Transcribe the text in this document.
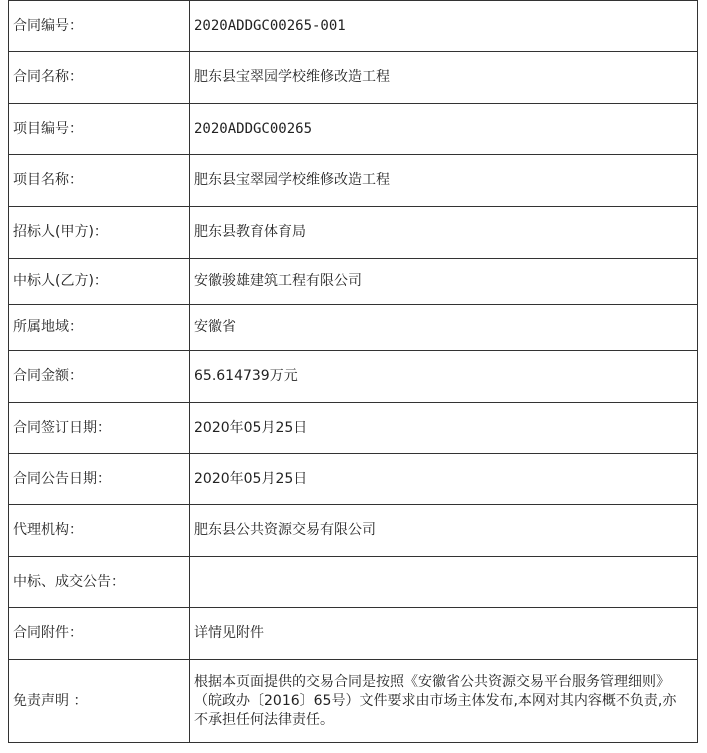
合同编号：	2020ADDGC00265-001
合同名称：	肥东县宝翠园学校维修改造工程
项目编号：	2020ADDGC00265
项目名称：	肥东县宝翠园学校维修改造工程
招标人(甲方)：	肥东县教育体育局
中标人(乙方)：	安徽骏雄建筑工程有限公司
所属地域：	安徽省
合同金额：	65.614739万元
合同签订日期：	2020年05月25日
合同公告日期：	2020年05月25日
代理机构：	肥东县公共资源交易有限公司
中标、成交公告：	
合同附件：	详情见附件
免责声明 ：	根据本页面提供的交易合同是按照《安徽省公共资源交易平台服务管理细则》（皖政办〔2016〕65号）文件要求由市场主体发布,本网对其内容概不负责,亦不承担任何法律责任。
